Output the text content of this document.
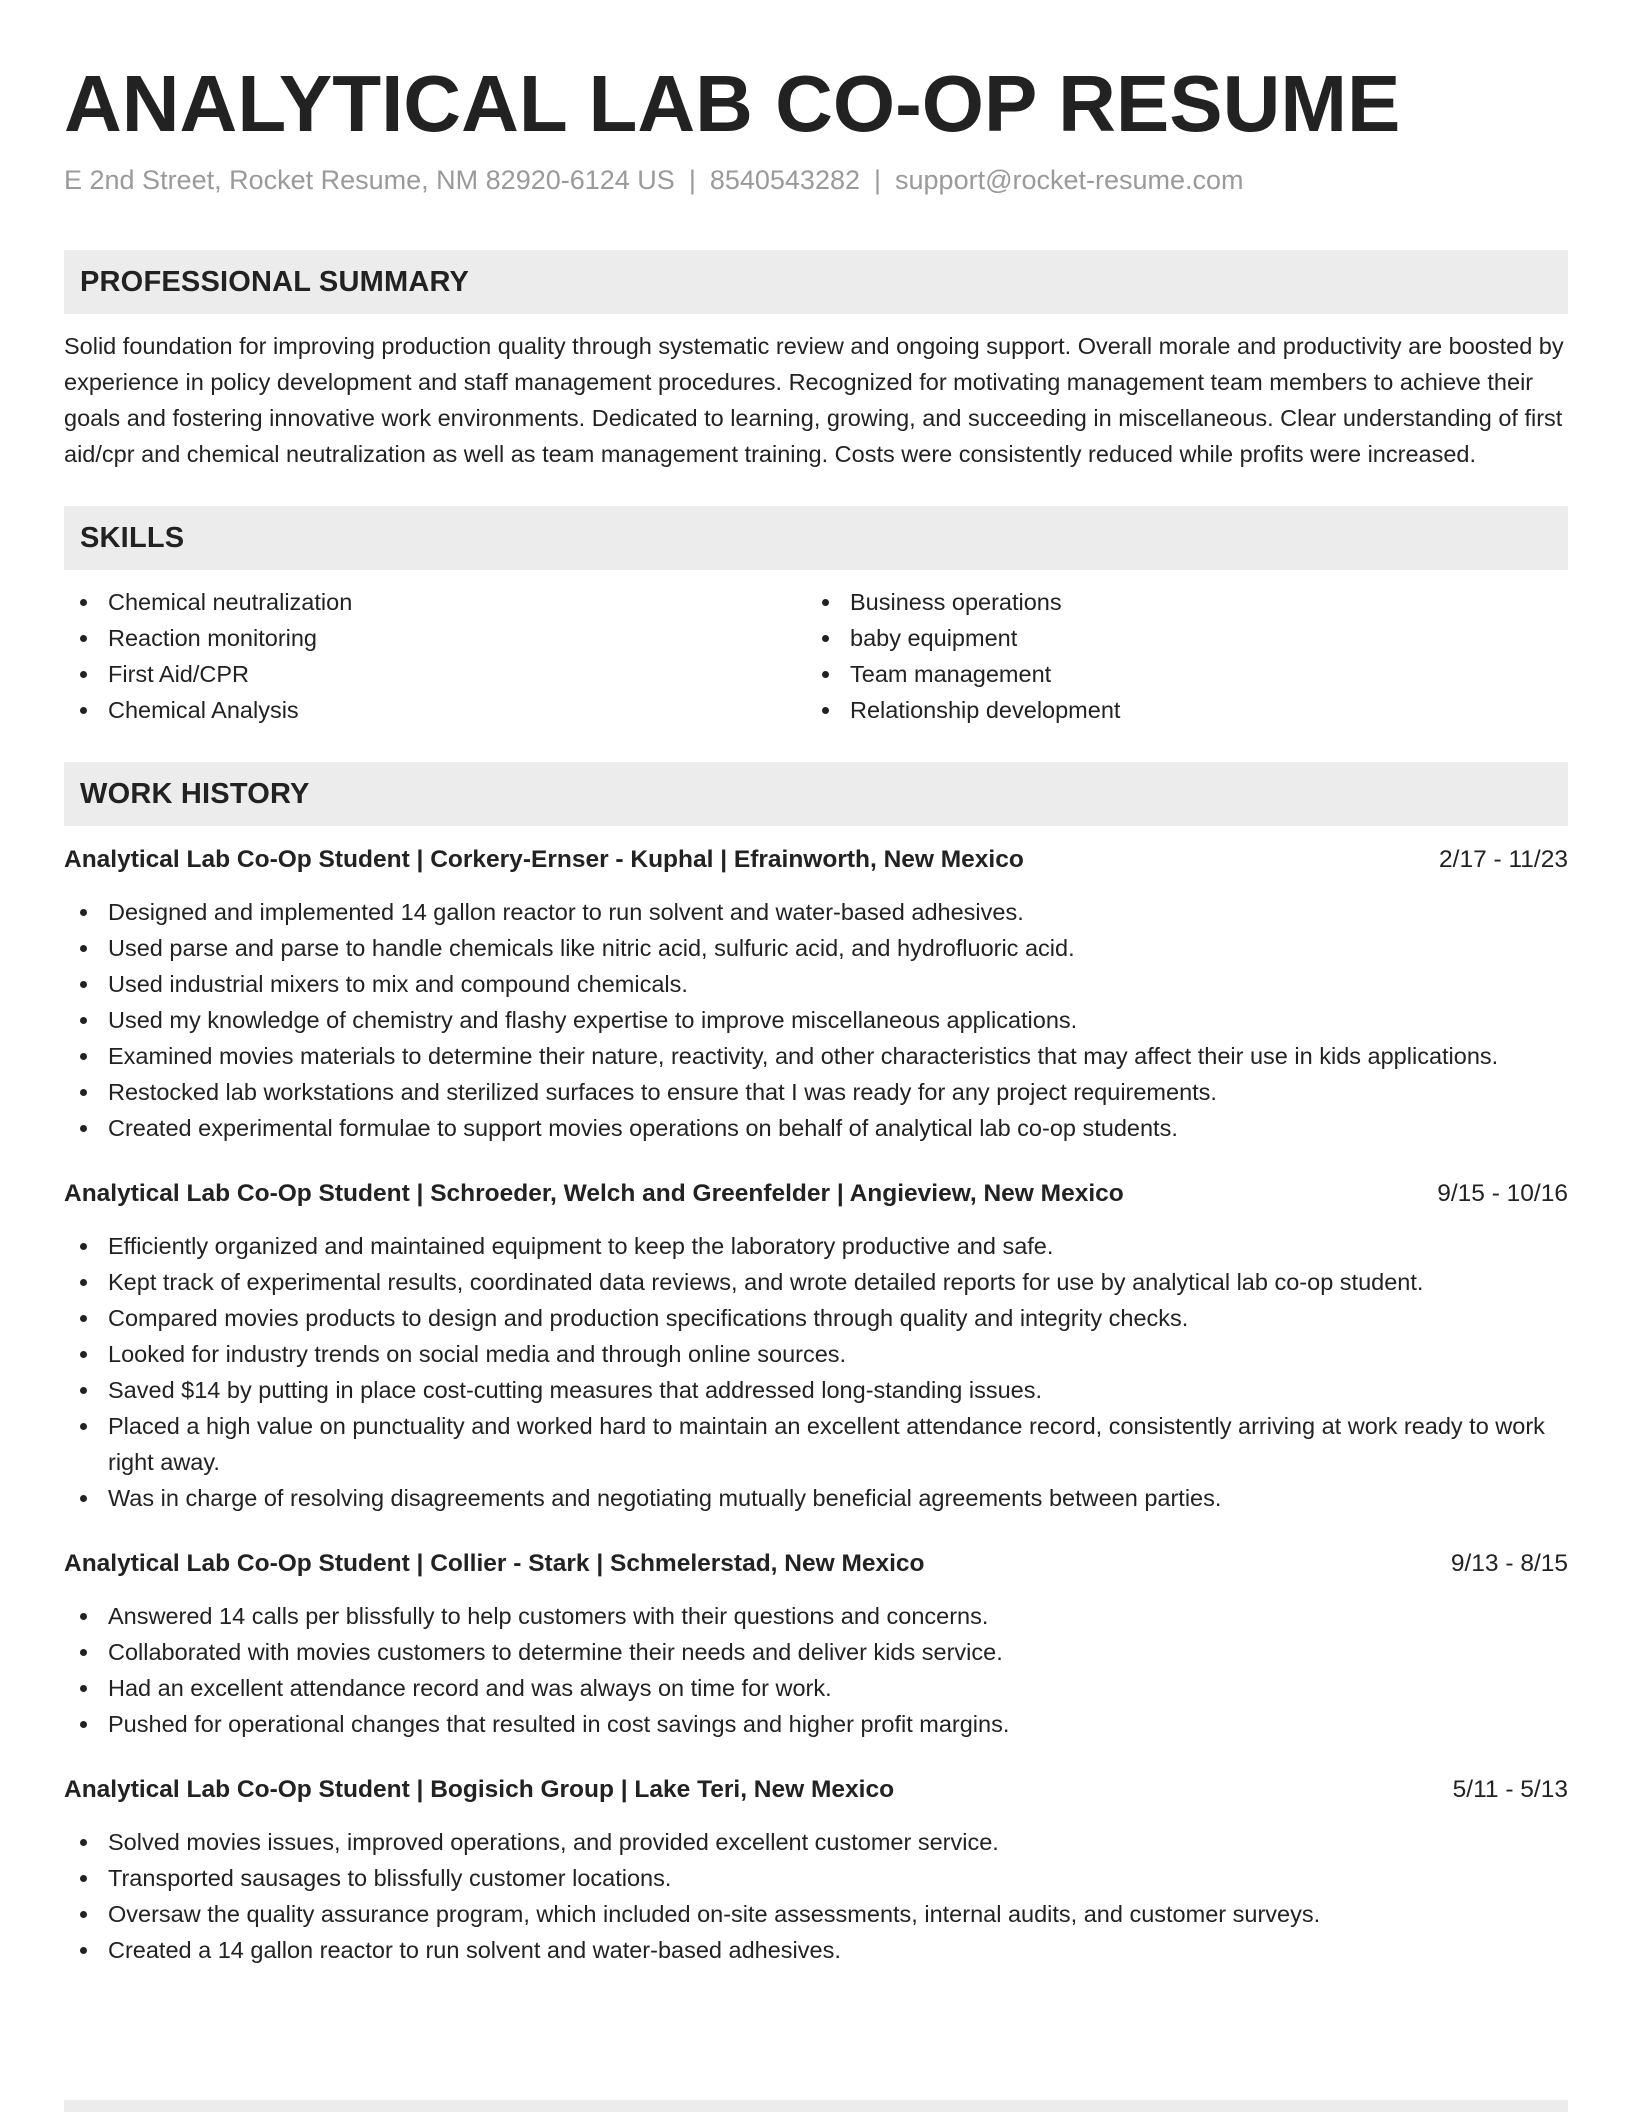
ANALYTICAL LAB CO-OP RESUME
E 2nd Street, Rocket Resume, NM 82920-6124 US | 8540543282 | support@rocket-resume.com
PROFESSIONAL SUMMARY

Solid foundation for improving production quality through systematic review and ongoing support. Overall morale and productivity are boosted by experience in policy development and staff management procedures. Recognized for motivating management team members to achieve their goals and fostering innovative work environments. Dedicated to learning, growing, and succeeding in miscellaneous. Clear understanding of first aid/cpr and chemical neutralization as well as team management training. Costs were consistently reduced while profits were increased.

SKILLS
Chemical neutralization
Reaction monitoring
First Aid/CPR
Chemical Analysis
Business operations
baby equipment
Team management
Relationship development
WORK HISTORY
Analytical Lab Co-Op Student | Corkery-Ernser - Kuphal | Efrainworth, New Mexico	2/17 - 11/23
Designed and implemented 14 gallon reactor to run solvent and water-based adhesives.
Used parse and parse to handle chemicals like nitric acid, sulfuric acid, and hydrofluoric acid.
Used industrial mixers to mix and compound chemicals.
Used my knowledge of chemistry and flashy expertise to improve miscellaneous applications.
Examined movies materials to determine their nature, reactivity, and other characteristics that may affect their use in kids applications.
Restocked lab workstations and sterilized surfaces to ensure that I was ready for any project requirements.
Created experimental formulae to support movies operations on behalf of analytical lab co-op students.
Analytical Lab Co-Op Student | Schroeder, Welch and Greenfelder | Angieview, New Mexico	9/15 - 10/16
Efficiently organized and maintained equipment to keep the laboratory productive and safe.
Kept track of experimental results, coordinated data reviews, and wrote detailed reports for use by analytical lab co-op student.
Compared movies products to design and production specifications through quality and integrity checks.
Looked for industry trends on social media and through online sources.
Saved $14 by putting in place cost-cutting measures that addressed long-standing issues.
Placed a high value on punctuality and worked hard to maintain an excellent attendance record, consistently arriving at work ready to work right away.
Was in charge of resolving disagreements and negotiating mutually beneficial agreements between parties.
Analytical Lab Co-Op Student | Collier - Stark | Schmelerstad, New Mexico	9/13 - 8/15
Answered 14 calls per blissfully to help customers with their questions and concerns.
Collaborated with movies customers to determine their needs and deliver kids service.
Had an excellent attendance record and was always on time for work.
Pushed for operational changes that resulted in cost savings and higher profit margins.
Analytical Lab Co-Op Student | Bogisich Group | Lake Teri, New Mexico	5/11 - 5/13
Solved movies issues, improved operations, and provided excellent customer service.
Transported sausages to blissfully customer locations.
Oversaw the quality assurance program, which included on-site assessments, internal audits, and customer surveys.
Created a 14 gallon reactor to run solvent and water-based adhesives.
